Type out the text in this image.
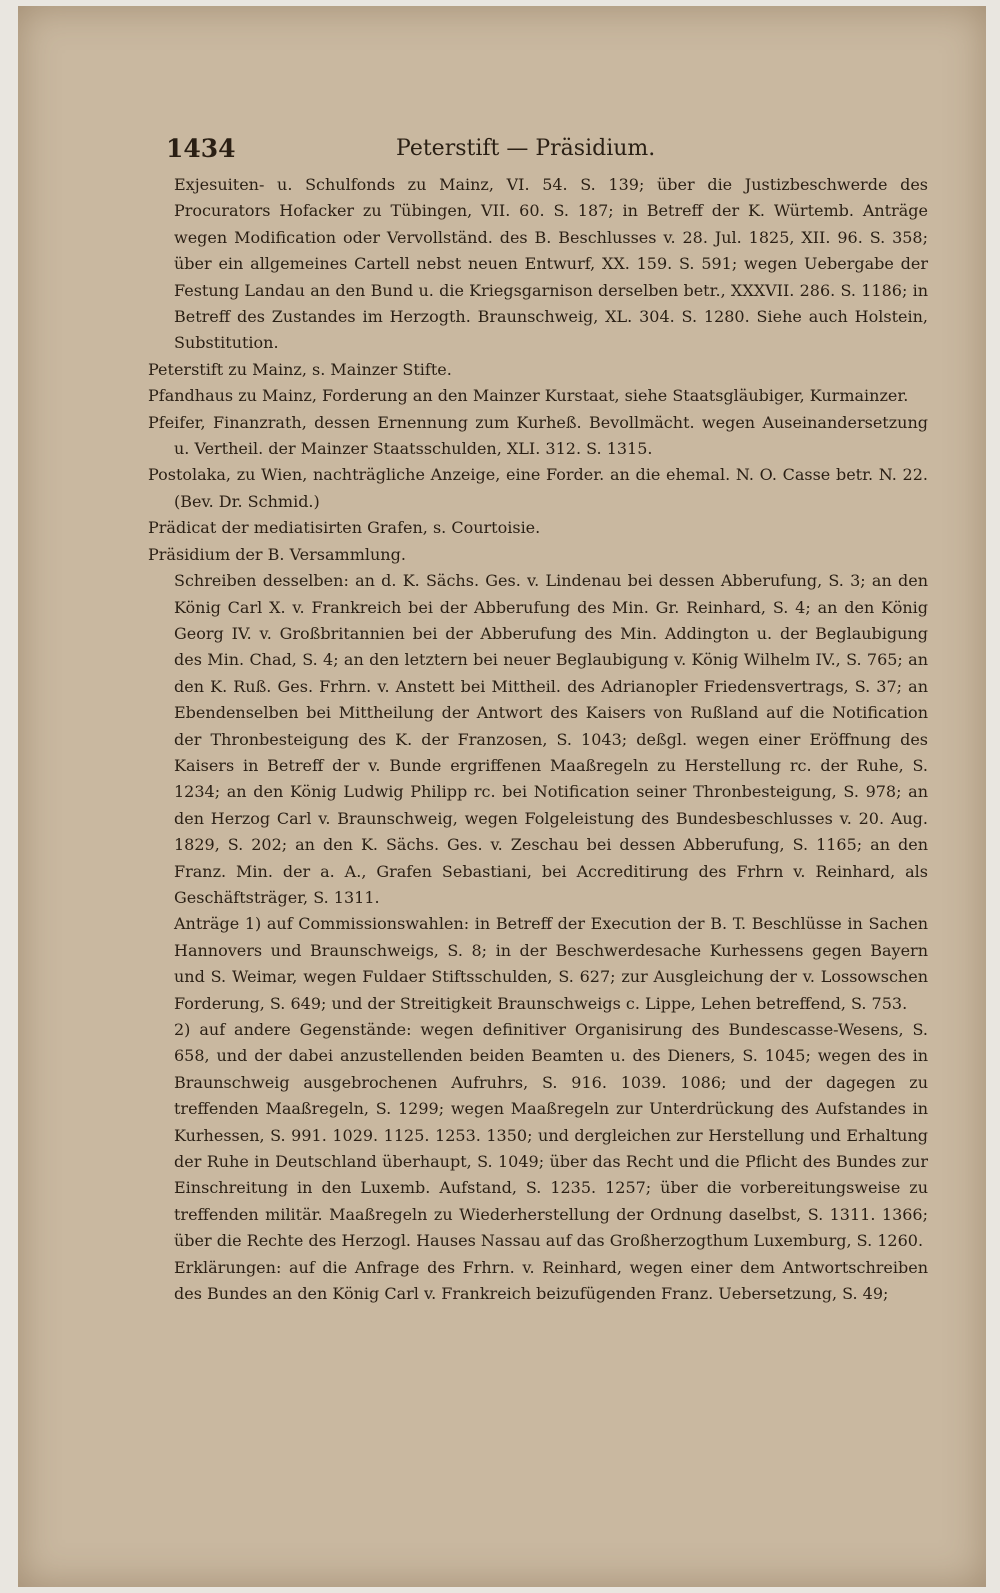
1434	Peterstift — Präsidium.

Exjesuiten- u. Schulfonds zu Mainz, VI. 54. S. 139; über die Justizbeschwerde des Procurators Hofacker zu Tübingen, VII. 60. S. 187; in Betreff der K. Würtemb. Anträge wegen Modification oder Vervollständ. des B. Beschlusses v. 28. Jul. 1825, XII. 96. S. 358; über ein allgemeines Cartell nebst neuen Entwurf, XX. 159. S. 591; wegen Uebergabe der Festung Landau an den Bund u. die Kriegsgarnison derselben betr., XXXVII. 286. S. 1186; in Betreff des Zustandes im Herzogth. Braunschweig, XL. 304. S. 1280. Siehe auch Holstein, Substitution.

Peterstift zu Mainz, s. Mainzer Stifte.

Pfandhaus zu Mainz, Forderung an den Mainzer Kurstaat, siehe Staatsgläubiger, Kurmainzer.

Pfeifer, Finanzrath, dessen Ernennung zum Kurheß. Bevollmächt. wegen Auseinandersetzung u. Vertheil. der Mainzer Staatsschulden, XLI. 312. S. 1315.

Postolaka, zu Wien, nachträgliche Anzeige, eine Forder. an die ehemal. N. O. Casse betr. N. 22. (Bev. Dr. Schmid.)

Prädicat der mediatisirten Grafen, s. Courtoisie.

Präsidium der B. Versammlung.

Schreiben desselben: an d. K. Sächs. Ges. v. Lindenau bei dessen Abberufung, S. 3; an den König Carl X. v. Frankreich bei der Abberufung des Min. Gr. Reinhard, S. 4; an den König Georg IV. v. Großbritannien bei der Abberufung des Min. Addington u. der Beglaubigung des Min. Chad, S. 4; an den letztern bei neuer Beglaubigung v. König Wilhelm IV., S. 765; an den K. Ruß. Ges. Frhrn. v. Anstett bei Mittheil. des Adrianopler Friedensvertrags, S. 37; an Ebendenselben bei Mittheilung der Antwort des Kaisers von Rußland auf die Notification der Thronbesteigung des K. der Franzosen, S. 1043; deßgl. wegen einer Eröffnung des Kaisers in Betreff der v. Bunde ergriffenen Maaßregeln zu Herstellung rc. der Ruhe, S. 1234; an den König Ludwig Philipp rc. bei Notification seiner Thronbesteigung, S. 978; an den Herzog Carl v. Braunschweig, wegen Folgeleistung des Bundesbeschlusses v. 20. Aug. 1829, S. 202; an den K. Sächs. Ges. v. Zeschau bei dessen Abberufung, S. 1165; an den Franz. Min. der a. A., Grafen Sebastiani, bei Accreditirung des Frhrn v. Reinhard, als Geschäftsträger, S. 1311.

Anträge 1) auf Commissionswahlen: in Betreff der Execution der B. T. Beschlüsse in Sachen Hannovers und Braunschweigs, S. 8; in der Beschwerdesache Kurhessens gegen Bayern und S. Weimar, wegen Fuldaer Stiftsschulden, S. 627; zur Ausgleichung der v. Lossowschen Forderung, S. 649; und der Streitigkeit Braunschweigs c. Lippe, Lehen betreffend, S. 753.

2) auf andere Gegenstände: wegen definitiver Organisirung des Bundescasse-Wesens, S. 658, und der dabei anzustellenden beiden Beamten u. des Dieners, S. 1045; wegen des in Braunschweig ausgebrochenen Aufruhrs, S. 916. 1039. 1086; und der dagegen zu treffenden Maaßregeln, S. 1299; wegen Maaßregeln zur Unterdrückung des Aufstandes in Kurhessen, S. 991. 1029. 1125. 1253. 1350; und dergleichen zur Herstellung und Erhaltung der Ruhe in Deutschland überhaupt, S. 1049; über das Recht und die Pflicht des Bundes zur Einschreitung in den Luxemb. Aufstand, S. 1235. 1257; über die vorbereitungsweise zu treffenden militär. Maaßregeln zu Wiederherstellung der Ordnung daselbst, S. 1311. 1366; über die Rechte des Herzogl. Hauses Nassau auf das Großherzogthum Luxemburg, S. 1260.

Erklärungen: auf die Anfrage des Frhrn. v. Reinhard, wegen einer dem Antwortschreiben des Bundes an den König Carl v. Frankreich beizufügenden Franz. Uebersetzung, S. 49;
